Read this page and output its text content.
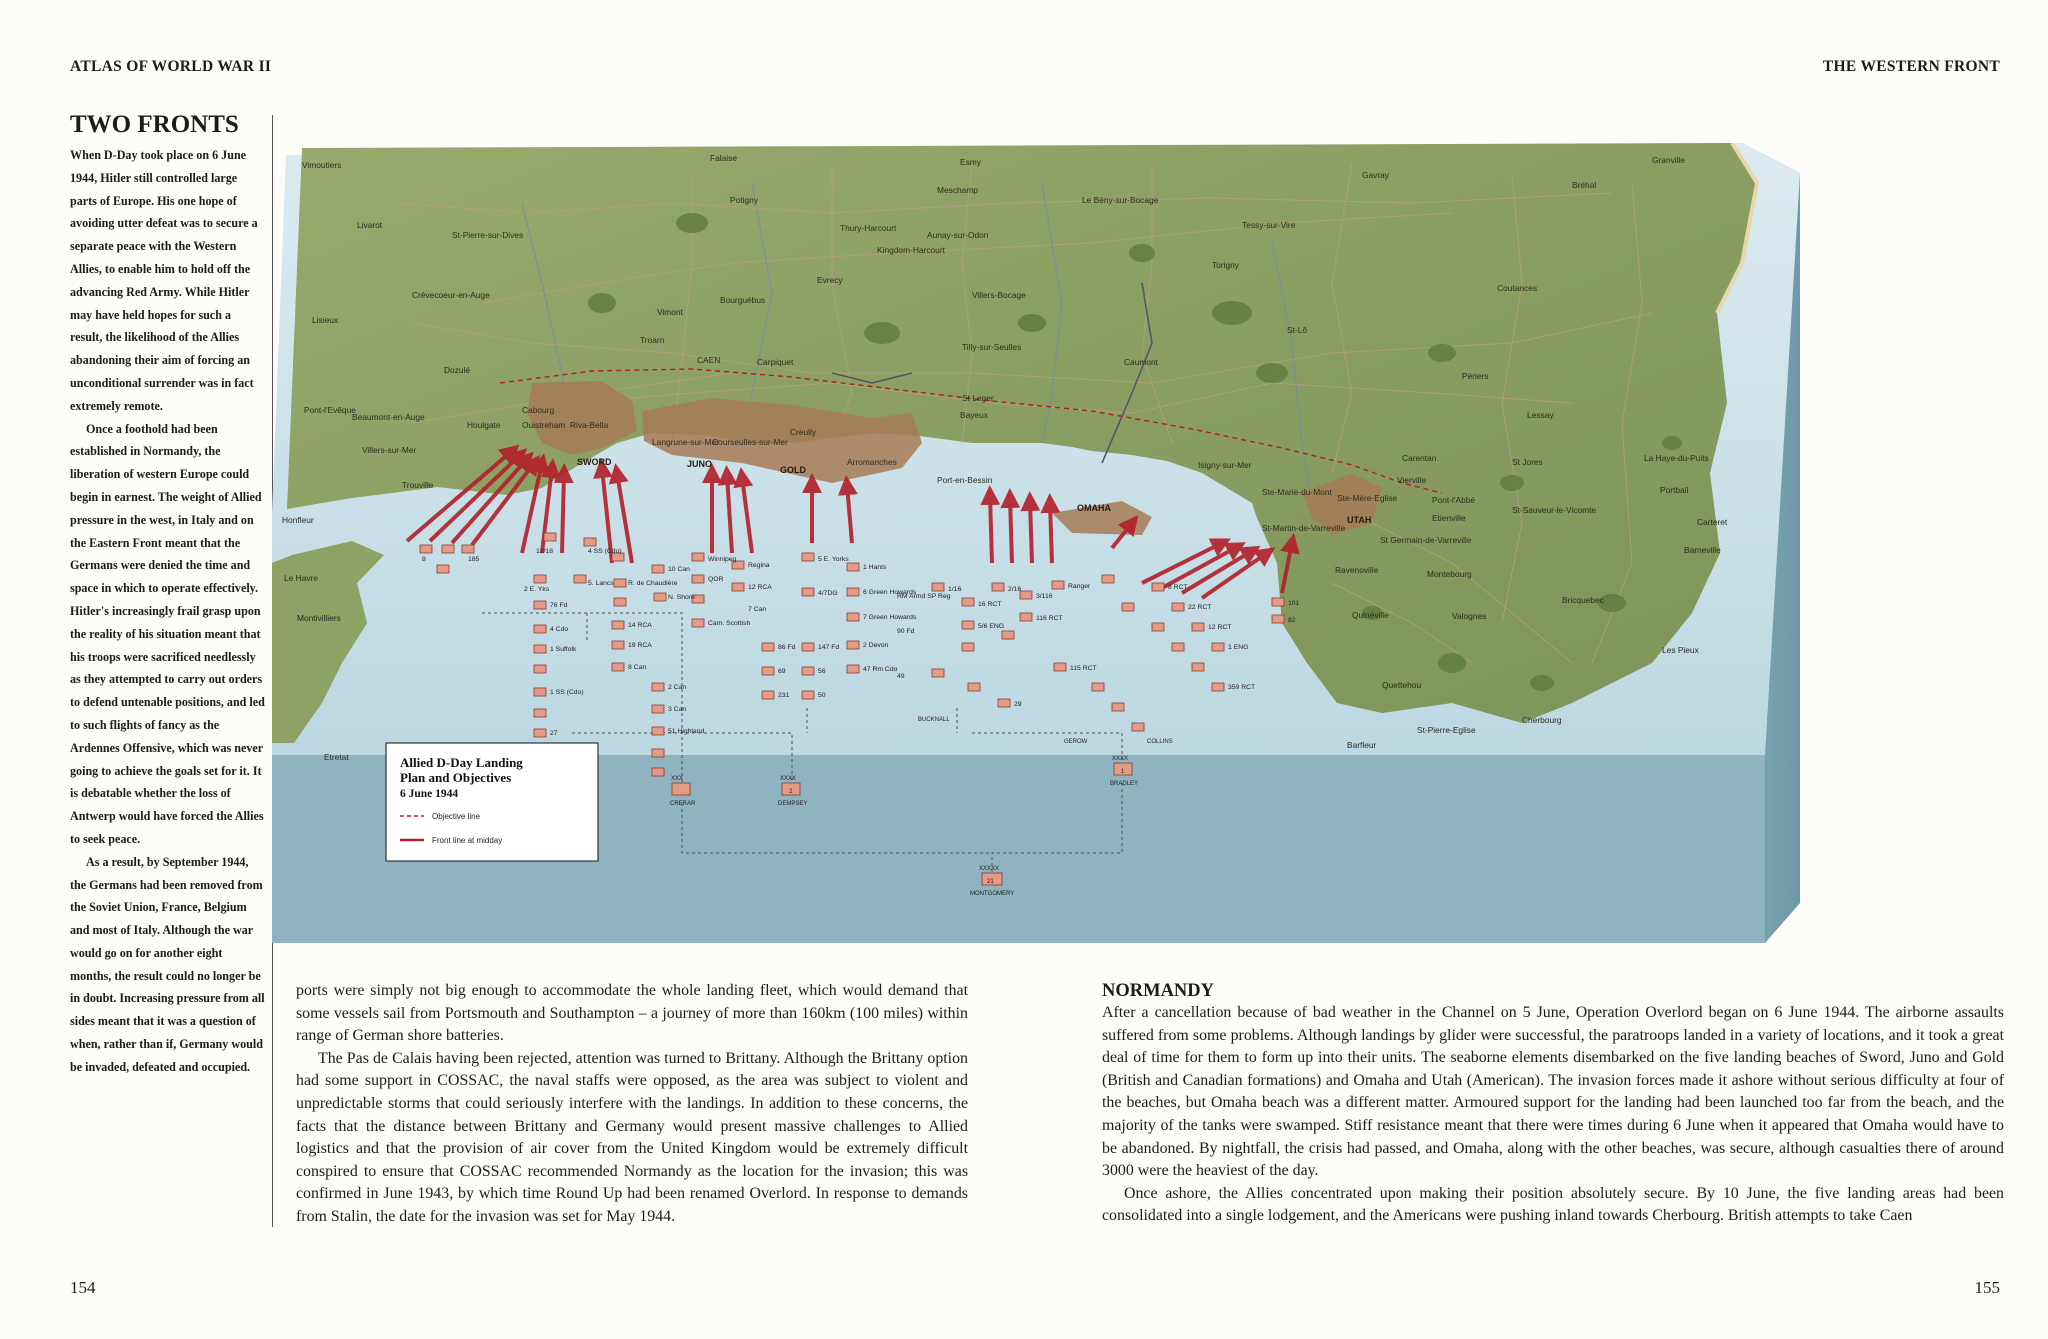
ATLAS OF WORLD WAR II	THE WESTERN FRONT

TWO FRONTS

When D-Day took place on 6 June 1944, Hitler still controlled large parts of Europe. His one hope of avoiding utter defeat was to secure a separate peace with the Western Allies, to enable him to hold off the advancing Red Army. While Hitler may have held hopes for such a result, the likelihood of the Allies abandoning their aim of forcing an unconditional surrender was in fact extremely remote.

Once a foothold had been established in Normandy, the liberation of western Europe could begin in earnest. The weight of Allied pressure in the west, in Italy and on the Eastern Front meant that the Germans were denied the time and space in which to operate effectively. Hitler's increasingly frail grasp upon the reality of his situation meant that his troops were sacrificed needlessly as they attempted to carry out orders to defend untenable positions, and led to such flights of fancy as the Ardennes Offensive, which was never going to achieve the goals set for it. It is debatable whether the loss of Antwerp would have forced the Allies to seek peace.

As a result, by September 1944, the Germans had been removed from the Soviet Union, France, Belgium and most of Italy. Although the war would go on for another eight months, the result could no longer be in doubt. Increasing pressure from all sides meant that it was a question of when, rather than if, Germany would be invaded, defeated and occupied.

SWORD	JUNO
GOLD
OMAHA
UTAH
Vimoutiers
Falaise	Esmy
Gavray
Granville
Livarot
Potigny
Meschamp
Le Bény-sur-Bocage
Bréhal
St-Pierre-sur-Dives
Thury-Harcourt
Kingdom-Harcourt
Aunay-sur-Odon
Tessy-sur-Vire
Crèvecoeur-en-Auge
Lisieux
Vimont
Bourguébus
Evrecy
Villers-Bocage
Torigny
Coutances
St-Lô
Troarn
CAEN	Carpiquet
Tilly-sur-Seulles
Caumont
Périers
Dozulé
Pont-l'Evêque
Beaumont-en-Auge
Cabourg
Houlgate	Ouistreham Riva-Bella
St Leger
Bayeux	Lessay
Villers-sur-Mer
Trouville
Langrune-sur-Mer
Courseulles-sur-Mer
Creully
Arromanches
Port-en-Bessin
Isigny-sur-Mer
Carentan	La Haye-du-Puits
Portbail
St Jores
Honfleur
Vierville
Pont-l'Abbé
Ste-Mère-Eglise
Ste-Marie-du-Mont
St-Martin-de-Varreville
Etienville
St-Sauveur-le-Vicomte
Carteret
Barneville
Le Havre
St Germain-de-Varreville
Ravenoville	Montebourg
Quinéville	Valognes
Bricquebec
Les Pieux
Montivilliers
Quettehou
Etretat
Barfleur
St-Pierre-Eglise
Cherbourg
8	185
12/18
2 E. Yks
4 SS (Cdo)
5. Lancs
76 Fd
4 Cdo
1 Suffolk
1 SS (Cdo)
27
R. de Chaudière
14 RCA
19 RCA
8 Can
10 Can
N. Shore
2 Can
3 Can
51 Highland
Winnipeg
QOR
Cam. Scottish
Regina
12 RCA
7 Can
86 Fd
69
231
5 E. Yorks
4/7DG
147 Fd
56
50
1 Hants
6 Green Howards
7 Green Howards
2 Devon
47 Rm Cdo
RM Armd SP Reg
90 Fd
49
1/16
16 RCT
5/6 ENG
2/16
3/116
116 RCT
Ranger
29
115 RCT
8 RCT
22 RCT
12 RCT
1 ENG
359 RCT
101
82
XXX
CRERAR
XXXX
2
DEMPSEY
XXXX
1
BRADLEY
XXXXX
21
MONTGOMERY
BUCKNALL
GEROW	COLLINS
Allied D-Day Landing
Plan and Objectives
6 June 1944
Objective line
Front line at midday

ports were simply not big enough to accommodate the whole landing fleet, which would demand that some vessels sail from Portsmouth and Southampton – a journey of more than 160km (100 miles) within range of German shore batteries.

The Pas de Calais having been rejected, attention was turned to Brittany. Although the Brittany option had some support in COSSAC, the naval staffs were opposed, as the area was subject to violent and unpredictable storms that could seriously interfere with the landings. In addition to these concerns, the facts that the distance between Brittany and Germany would present massive challenges to Allied logistics and that the provision of air cover from the United Kingdom would be extremely difficult conspired to ensure that COSSAC recommended Normandy as the location for the invasion; this was confirmed in June 1943, by which time Round Up had been renamed Overlord. In response to demands from Stalin, the date for the invasion was set for May 1944.

NORMANDY

After a cancellation because of bad weather in the Channel on 5 June, Operation Overlord began on 6 June 1944. The airborne assaults suffered from some problems. Although landings by glider were successful, the paratroops landed in a variety of locations, and it took a great deal of time for them to form up into their units. The seaborne elements disembarked on the five landing beaches of Sword, Juno and Gold (British and Canadian formations) and Omaha and Utah (American). The invasion forces made it ashore without serious difficulty at four of the beaches, but Omaha beach was a different matter. Armoured support for the landing had been launched too far from the beach, and the majority of the tanks were swamped. Stiff resistance meant that there were times during 6 June when it appeared that Omaha would have to be abandoned. By nightfall, the crisis had passed, and Omaha, along with the other beaches, was secure, although casualties there of around 3000 were the heaviest of the day.

Once ashore, the Allies concentrated upon making their position absolutely secure. By 10 June, the five landing areas had been consolidated into a single lodgement, and the Americans were pushing inland towards Cherbourg. British attempts to take Caen

154	155
